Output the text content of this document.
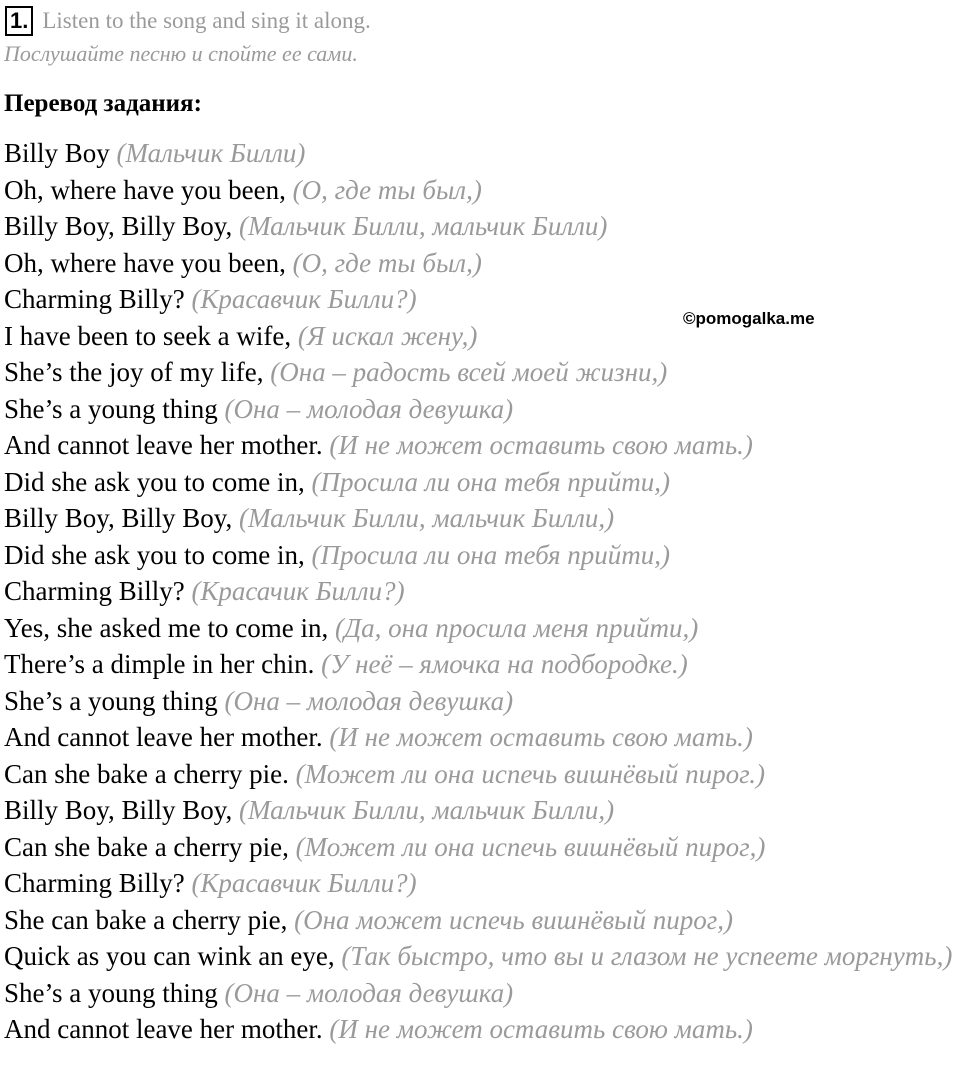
1. Listen to the song and sing it along.
Послушайте песню и спойте ее сами.
Перевод задания:
©pomogalka.me
Billy Boy (Мальчик Билли)
Oh, where have you been, (О, где ты был,)
Billy Boy, Billy Boy, (Мальчик Билли, мальчик Билли)
Oh, where have you been, (О, где ты был,)
Charming Billy? (Красавчик Билли?)
I have been to seek a wife, (Я искал жену,)
She’s the joy of my life, (Она – радость всей моей жизни,)
She’s a young thing (Она – молодая девушка)
And cannot leave her mother. (И не может оставить свою мать.)
Did she ask you to come in, (Просила ли она тебя прийти,)
Billy Boy, Billy Boy, (Мальчик Билли, мальчик Билли,)
Did she ask you to come in, (Просила ли она тебя прийти,)
Charming Billy? (Красачик Билли?)
Yes, she asked me to come in, (Да, она просила меня прийти,)
There’s a dimple in her chin. (У неё – ямочка на подбородке.)
She’s a young thing (Она – молодая девушка)
And cannot leave her mother. (И не может оставить свою мать.)
Can she bake a cherry pie. (Может ли она испечь вишнёвый пирог.)
Billy Boy, Billy Boy, (Мальчик Билли, мальчик Билли,)
Can she bake a cherry pie, (Может ли она испечь вишнёвый пирог,)
Charming Billy? (Красавчик Билли?)
She can bake a cherry pie, (Она может испечь вишнёвый пирог,)
Quick as you can wink an eye, (Так быстро, что вы и глазом не успеете моргнуть,)
She’s a young thing (Она – молодая девушка)
And cannot leave her mother. (И не может оставить свою мать.)
